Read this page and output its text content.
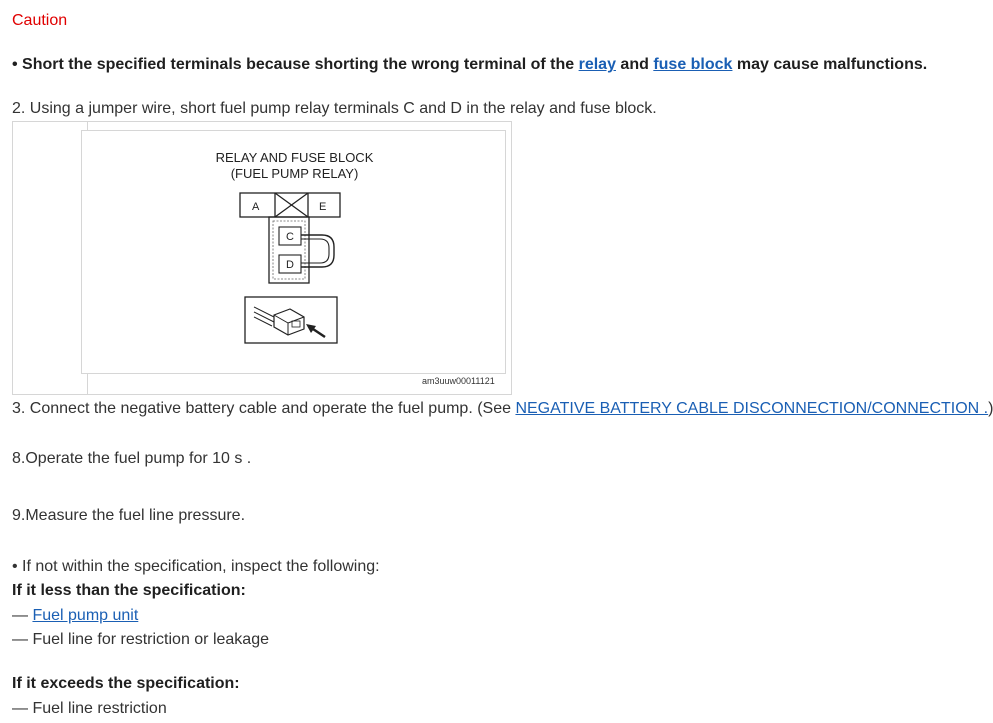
Caution
• Short the specified terminals because shorting the wrong terminal of the relay and fuse block may cause malfunctions.
2. Using a jumper wire, short fuel pump relay terminals C and D in the relay and fuse block.
RELAY AND FUSE BLOCK
(FUEL PUMP RELAY)
A	E
C
D
am3uuw00011121
3. Connect the negative battery cable and operate the fuel pump. (See NEGATIVE BATTERY CABLE DISCONNECTION/CONNECTION .)
8.Operate the fuel pump for 10 s .
9.Measure the fuel line pressure.
• If not within the specification, inspect the following:
If it less than the specification:
— Fuel pump unit
— Fuel line for restriction or leakage
If it exceeds the specification:
— Fuel line restriction
